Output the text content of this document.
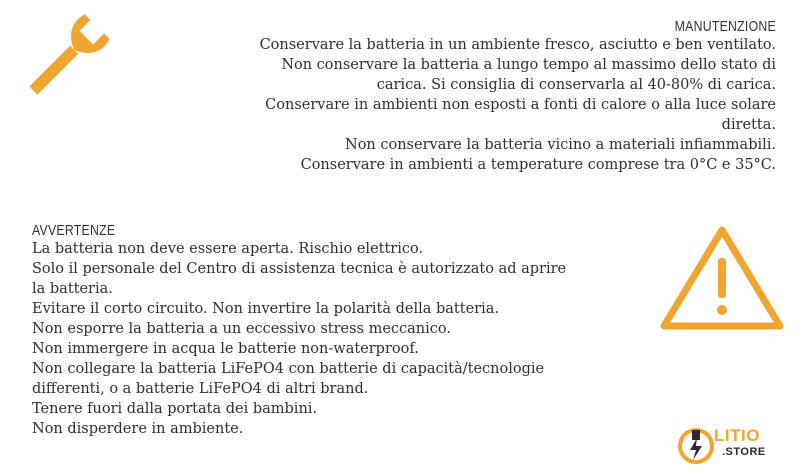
MANUTENZIONE

Conservare la batteria in un ambiente fresco, asciutto e ben ventilato.

Non conservare la batteria a lungo tempo al massimo dello stato di

carica. Si consiglia di conservarla al 40-80% di carica.

Conservare in ambienti non esposti a fonti di calore o alla luce solare

diretta.

Non conservare la batteria vicino a materiali infiammabili.

Conservare in ambienti a temperature comprese tra 0°C e 35°C.

AVVERTENZE

La batteria non deve essere aperta. Rischio elettrico.

Solo il personale del Centro di assistenza tecnica è autorizzato ad aprire

la batteria.

Evitare il corto circuito. Non invertire la polarità della batteria.

Non esporre la batteria a un eccessivo stress meccanico.

Non immergere in acqua le batterie non-waterproof.

Non collegare la batteria LiFePO4 con batterie di capacità/tecnologie

differenti, o a batterie LiFePO4 di altri brand.

Tenere fuori dalla portata dei bambini.

Non disperdere in ambiente.	LITIO
.STORE
